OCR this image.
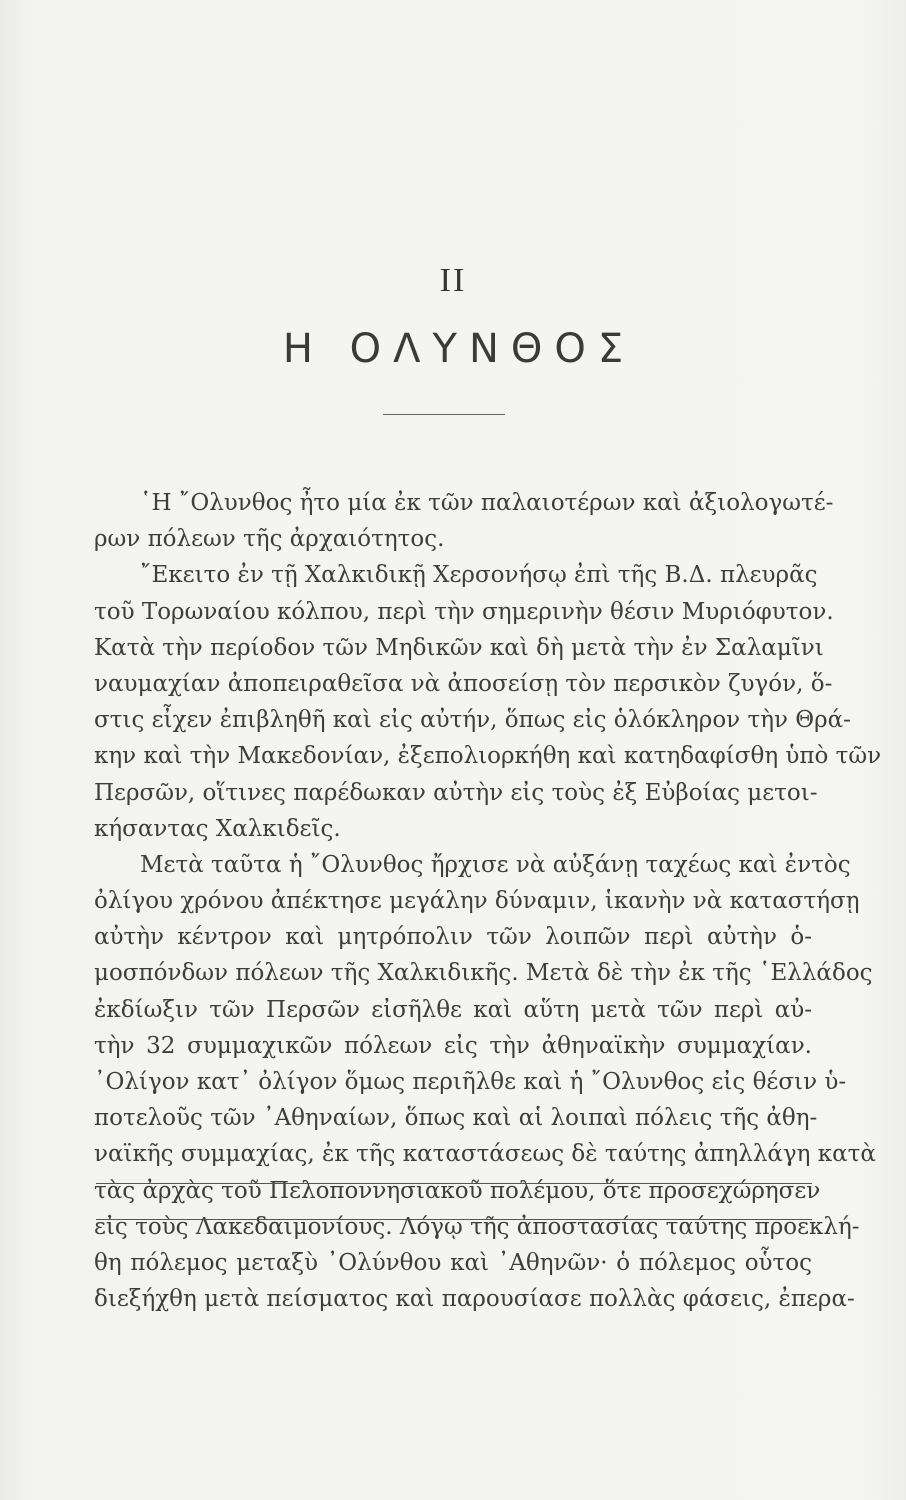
II
Η ΟΛΥΝΘΟΣ
῾Η ῎Ολυνθος ἦτο μία ἐκ τῶν παλαιοτέρων καὶ ἀξιολογωτέ-
ρων πόλεων τῆς ἀρχαιότητος.
῎Εκειτο ἐν τῇ Χαλκιδικῇ Χερσονήσῳ ἐπὶ τῆς Β.Δ. πλευρᾶς
τοῦ Τορωναίου κόλπου, περὶ τὴν σημερινὴν θέσιν Μυριόφυτον.
Κατὰ τὴν περίοδον τῶν Μηδικῶν καὶ δὴ μετὰ τὴν ἐν Σαλαμῖνι
ναυμαχίαν ἀποπειραθεῖσα νὰ ἀποσείσῃ τὸν περσικὸν ζυγόν, ὅ-
στις εἶχεν ἐπιβληθῆ καὶ εἰς αὐτήν, ὅπως εἰς ὁλόκληρον τὴν Θρά-
κην καὶ τὴν Μακεδονίαν, ἐξεπολιορκήθη καὶ κατηδαφίσθη ὑπὸ τῶν
Περσῶν, οἵτινες παρέδωκαν αὐτὴν εἰς τοὺς ἐξ Εὐβοίας μετοι-
κήσαντας Χαλκιδεῖς.
Μετὰ ταῦτα ἡ ῎Ολυνθος ἤρχισε νὰ αὐξάνῃ ταχέως καὶ ἐντὸς
ὀλίγου χρόνου ἀπέκτησε μεγάλην δύναμιν, ἱκανὴν νὰ καταστήσῃ
αὐτὴν κέντρον καὶ μητρόπολιν τῶν λοιπῶν περὶ αὐτὴν ὁ-
μοσπόνδων πόλεων τῆς Χαλκιδικῆς. Μετὰ δὲ τὴν ἐκ τῆς ῾Ελλάδος
ἐκδίωξιν τῶν Περσῶν εἰσῆλθε καὶ αὕτη μετὰ τῶν περὶ αὐ-
τὴν 32 συμμαχικῶν πόλεων εἰς τὴν ἀθηναϊκὴν συμμαχίαν.
᾿Ολίγον κατ᾿ ὀλίγον ὅμως περιῆλθε καὶ ἡ ῎Ολυνθος εἰς θέσιν ὑ-
ποτελοῦς τῶν ᾿Αθηναίων, ὅπως καὶ αἱ λοιπαὶ πόλεις τῆς ἀθη-
ναϊκῆς συμμαχίας, ἐκ τῆς καταστάσεως δὲ ταύτης ἀπηλλάγη κατὰ
τὰς ἀρχὰς τοῦ Πελοποννησιακοῦ πολέμου, ὅτε προσεχώρησεν
εἰς τοὺς Λακεδαιμονίους. Λόγῳ τῆς ἀποστασίας ταύτης προεκλή-
θη πόλεμος μεταξὺ ᾿Ολύνθου καὶ ᾿Αθηνῶν· ὁ πόλεμος οὗτος
διεξήχθη μετὰ πείσματος καὶ παρουσίασε πολλὰς φάσεις, ἐπερα-
